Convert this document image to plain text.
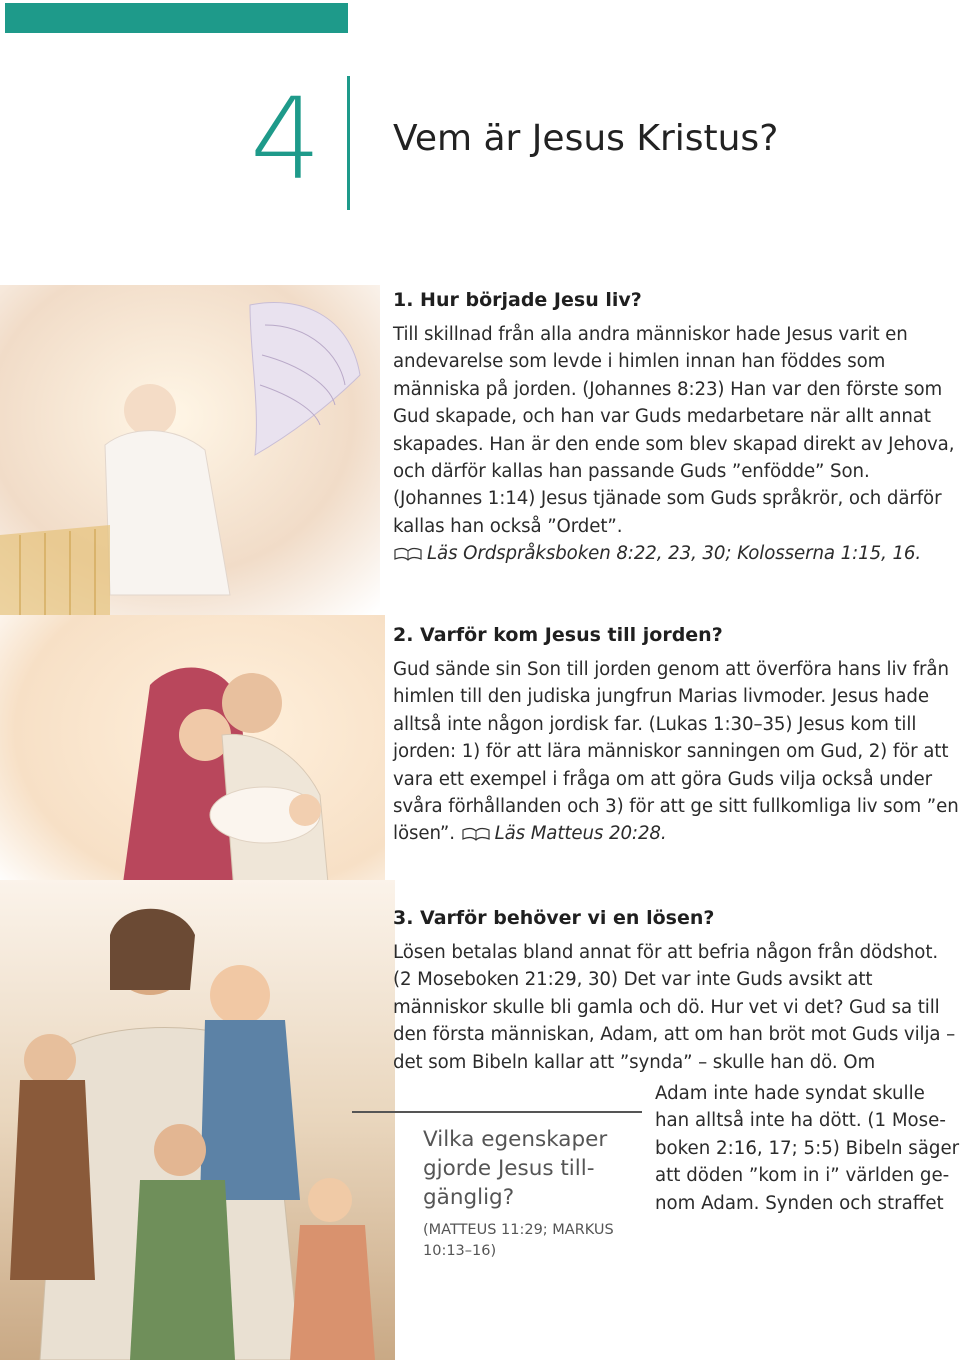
4 Vem är Jesus Kristus?
1. Hur började Jesu liv?

Till skillnad från alla andra människor hade Jesus varit en andevarelse som levde i himlen innan han föddes som människa på jorden. (Johannes 8:23) Han var den förste som Gud skapade, och han var Guds medarbetare när allt annat skapades. Han är den ende som blev skapad direkt av Jehova, och därför kallas han passande Guds ”enfödde” Son. (Johannes 1:14) Jesus tjänade som Guds språkrör, och därför kallas han också ”Ordet”.
Läs Ordspråksboken 8:22, 23, 30; Kolosserna 1:15, 16.

2. Varför kom Jesus till jorden?

Gud sände sin Son till jorden genom att överföra hans liv från himlen till den judiska jungfrun Marias livmoder. Jesus hade alltså inte någon jordisk far. (Lukas 1:30–35) Jesus kom till jorden: 1) för att lära människor sanningen om Gud, 2) för att vara ett exempel i fråga om att göra Guds vilja också under svåra förhållanden och 3) för att ge sitt fullkomliga liv som ”en lösen”. Läs Matteus 20:28.

3. Varför behöver vi en lösen?

Lösen betalas bland annat för att befria någon från dödshot. (2 Moseboken 21:29, 30) Det var inte Guds avsikt att människor skulle bli gamla och dö. Hur vet vi det? Gud sa till den första människan, Adam, att om han bröt mot Guds vilja – det som Bibeln kallar att ”synda” – skulle han dö. Om

Adam inte hade syndat skulle han alltså inte ha dött. (1 Moseboken 2:16, 17; 5:5) Bibeln säger att döden ”kom in i” världen genom Adam. Synden och straffet

Vilka egenskaper gjorde Jesus tillgänglig?

(MATTEUS 11:29; MARKUS 10:13–16)
